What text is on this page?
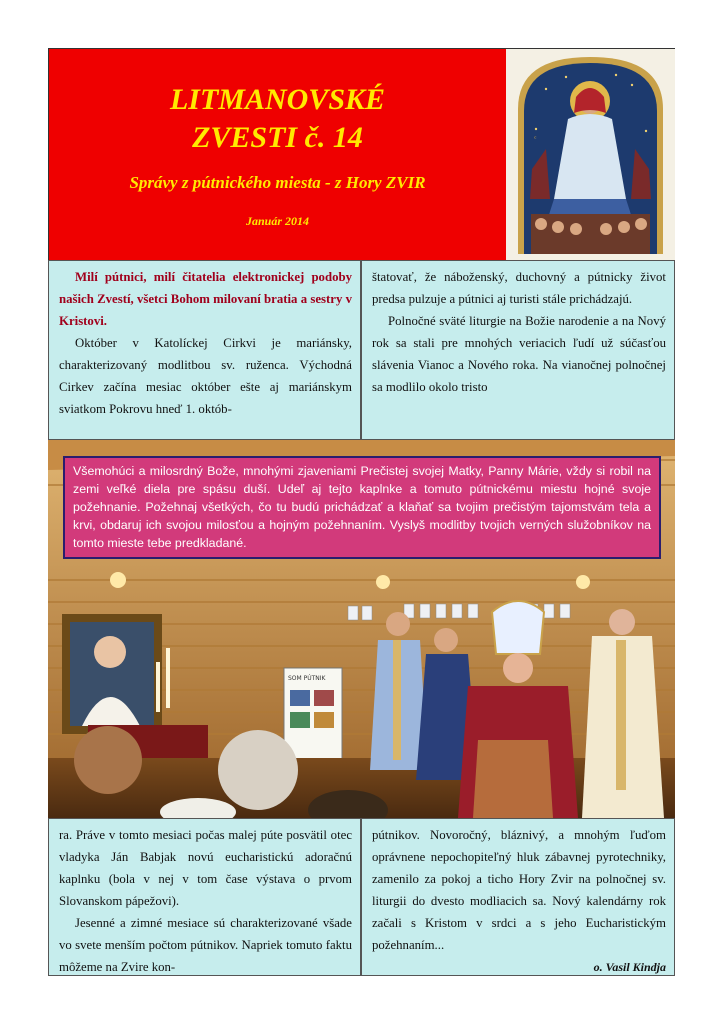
LITMANOVSKÉ
ZVESTI č. 14
Správy z pútnického miesta - z Hory ZVIR
Január 2014
ᶜ

Milí pútnici, milí čitatelia elektronickej podoby našich Zvestí, všetci Bohom milovaní bratia a sestry v Kristovi.

Október v Katolíckej Cirkvi je mariánsky, charakterizovaný modlitbou sv. ruženca. Východná Cirkev začína mesiac október ešte aj mariánskym sviatkom Pokrovu hneď 1. októb-

štatovať, že náboženský, duchovný a pútnicky život predsa pulzuje a pútnici aj turisti stále prichádzajú.

Polnočné sväté liturgie na Božie narodenie a na Nový rok sa stali pre mnohých veriacich ľudí už súčasťou slávenia Vianoc a Nového roka. Na vianočnej polnočnej sa modlilo okolo tristo

SOM PÚTNIK
Všemohúci a milosrdný Bože, mnohými zjaveniami Prečistej svojej Matky, Panny Márie, vždy si robil na zemi veľké diela pre spásu duší. Udeľ aj tejto kaplnke a tomuto pútnickému miestu hojné svoje požehnanie. Požehnaj všetkých, čo tu budú prichádzať a klaňať sa tvojim prečistým tajomstvám tela a krvi, obdaruj ich svojou milosťou a hojným požehnaním. Vyslyš modlitby tvojich verných služobníkov na tomto mieste tebe predkladané.

ra. Práve v tomto mesiaci počas malej púte posvätil otec vladyka Ján Babjak novú eucharistickú adoračnú kaplnku (bola v nej v tom čase výstava o prvom Slovanskom pápežovi).

Jesenné a zimné mesiace sú charakterizované všade vo svete menším počtom pútnikov. Napriek tomuto faktu môžeme na Zvire kon-

pútnikov. Novoročný, bláznivý, a mnohým ľuďom oprávnene nepochopiteľný hluk zábavnej pyrotechniky, zamenilo za pokoj a ticho Hory Zvir na polnočnej sv. liturgii do dvesto modliacich sa. Nový kalendárny rok začali s Kristom v srdci a s jeho Eucharistickým požehnaním...

o. Vasil Kindja
